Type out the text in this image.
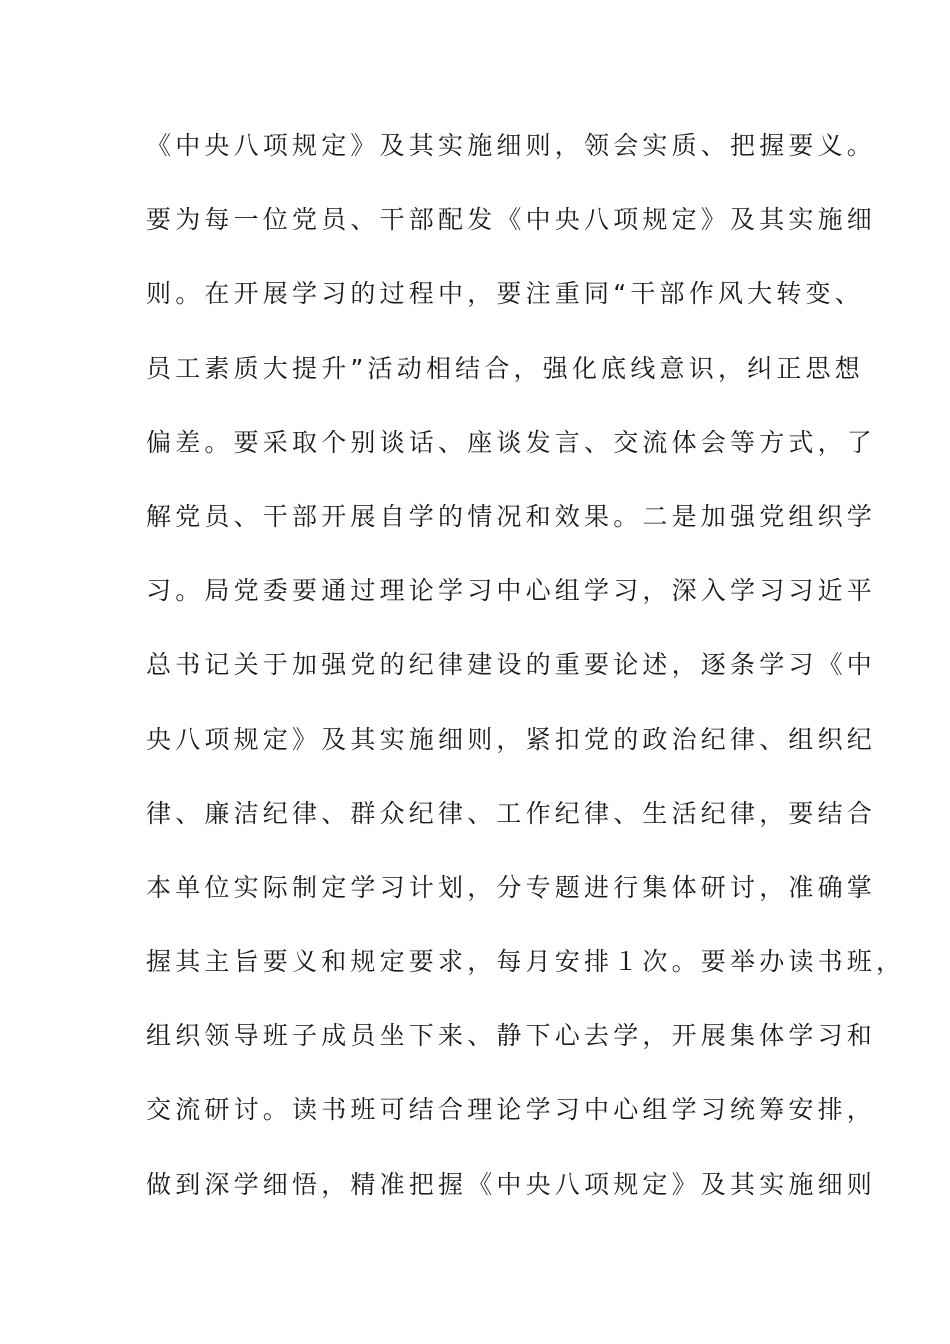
《中央八项规定》及其实施细则，领会实质、把握要义。
要为每一位党员、干部配发《中央八项规定》及其实施细
则。在开展学习的过程中，要注重同“干部作风大转变、
员工素质大提升”活动相结合，强化底线意识，纠正思想
偏差。要采取个别谈话、座谈发言、交流体会等方式，了
解党员、干部开展自学的情况和效果。二是加强党组织学
习。局党委要通过理论学习中心组学习，深入学习习近平
总书记关于加强党的纪律建设的重要论述，逐条学习《中
央八项规定》及其实施细则，紧扣党的政治纪律、组织纪
律、廉洁纪律、群众纪律、工作纪律、生活纪律，要结合
本单位实际制定学习计划，分专题进行集体研讨，准确掌
握其主旨要义和规定要求，每月安排１次。要举办读书班，
组织领导班子成员坐下来、静下心去学，开展集体学习和
交流研讨。读书班可结合理论学习中心组学习统筹安排，
做到深学细悟，精准把握《中央八项规定》及其实施细则
